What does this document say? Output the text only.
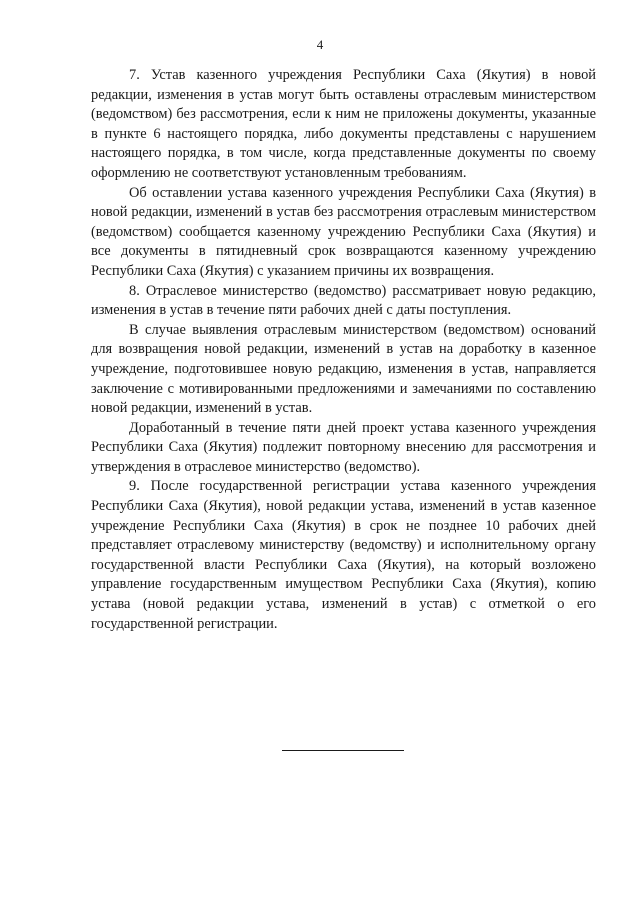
4

7. Устав казенного учреждения Республики Саха (Якутия) в новой редакции, изменения в устав могут быть оставлены отраслевым министерством (ведомством) без рассмотрения, если к ним не приложены документы, указанные в пункте 6 настоящего порядка, либо документы представлены с нарушением настоящего порядка, в том числе, когда представленные документы по своему оформлению не соответствуют установленным требованиям.

Об оставлении устава казенного учреждения Республики Саха (Якутия) в новой редакции, изменений в устав без рассмотрения отраслевым министерством (ведомством) сообщается казенному учреждению Республики Саха (Якутия) и все документы в пятидневный срок возвращаются казенному учреждению Республики Саха (Якутия) с указанием причины их возвращения.

8. Отраслевое министерство (ведомство) рассматривает новую редакцию, изменения в устав в течение пяти рабочих дней с даты поступления.

В случае выявления отраслевым министерством (ведомством) оснований для возвращения новой редакции, изменений в устав на доработку в казенное учреждение, подготовившее новую редакцию, изменения в устав, направляется заключение с мотивированными предложениями и замечаниями по составлению новой редакции, изменений в устав.

Доработанный в течение пяти дней проект устава казенного учреждения Республики Саха (Якутия) подлежит повторному внесению для рассмотрения и утверждения в отраслевое министерство (ведомство).

9. После государственной регистрации устава казенного учреждения Республики Саха (Якутия), новой редакции устава, изменений в устав казенное учреждение Республики Саха (Якутия) в срок не позднее 10 рабочих дней представляет отраслевому министерству (ведомству) и исполнительному органу государственной власти Республики Саха (Якутия), на который возложено управление государственным имуществом Республики Саха (Якутия), копию устава (новой редакции устава, изменений в устав) с отметкой о его государственной регистрации.
